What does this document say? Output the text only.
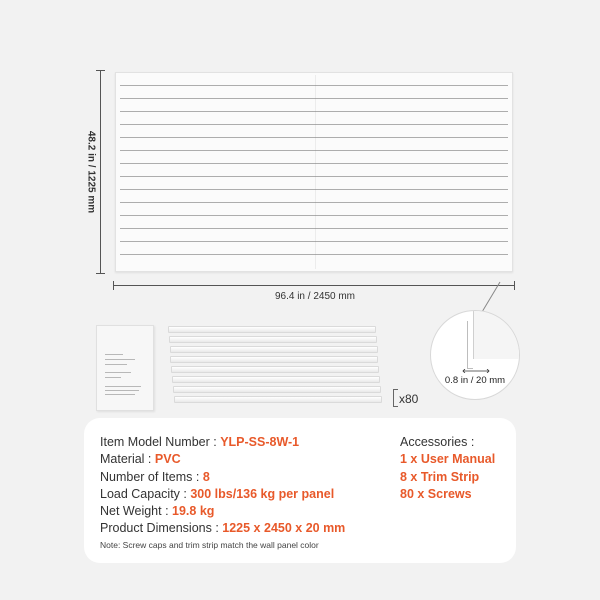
48.2 in / 1225 mm
96.4 in / 2450 mm
0.8 in / 20 mm
x80
Item Model Number : YLP-SS-8W-1
Material : PVC
Number of Items : 8
Load Capacity : 300 lbs/136 kg per panel
Net Weight : 19.8 kg
Product Dimensions : 1225 x 2450 x 20 mm
Accessories :
1 x User Manual
8 x Trim Strip
80 x Screws
Note: Screw caps and trim strip match the wall panel color
